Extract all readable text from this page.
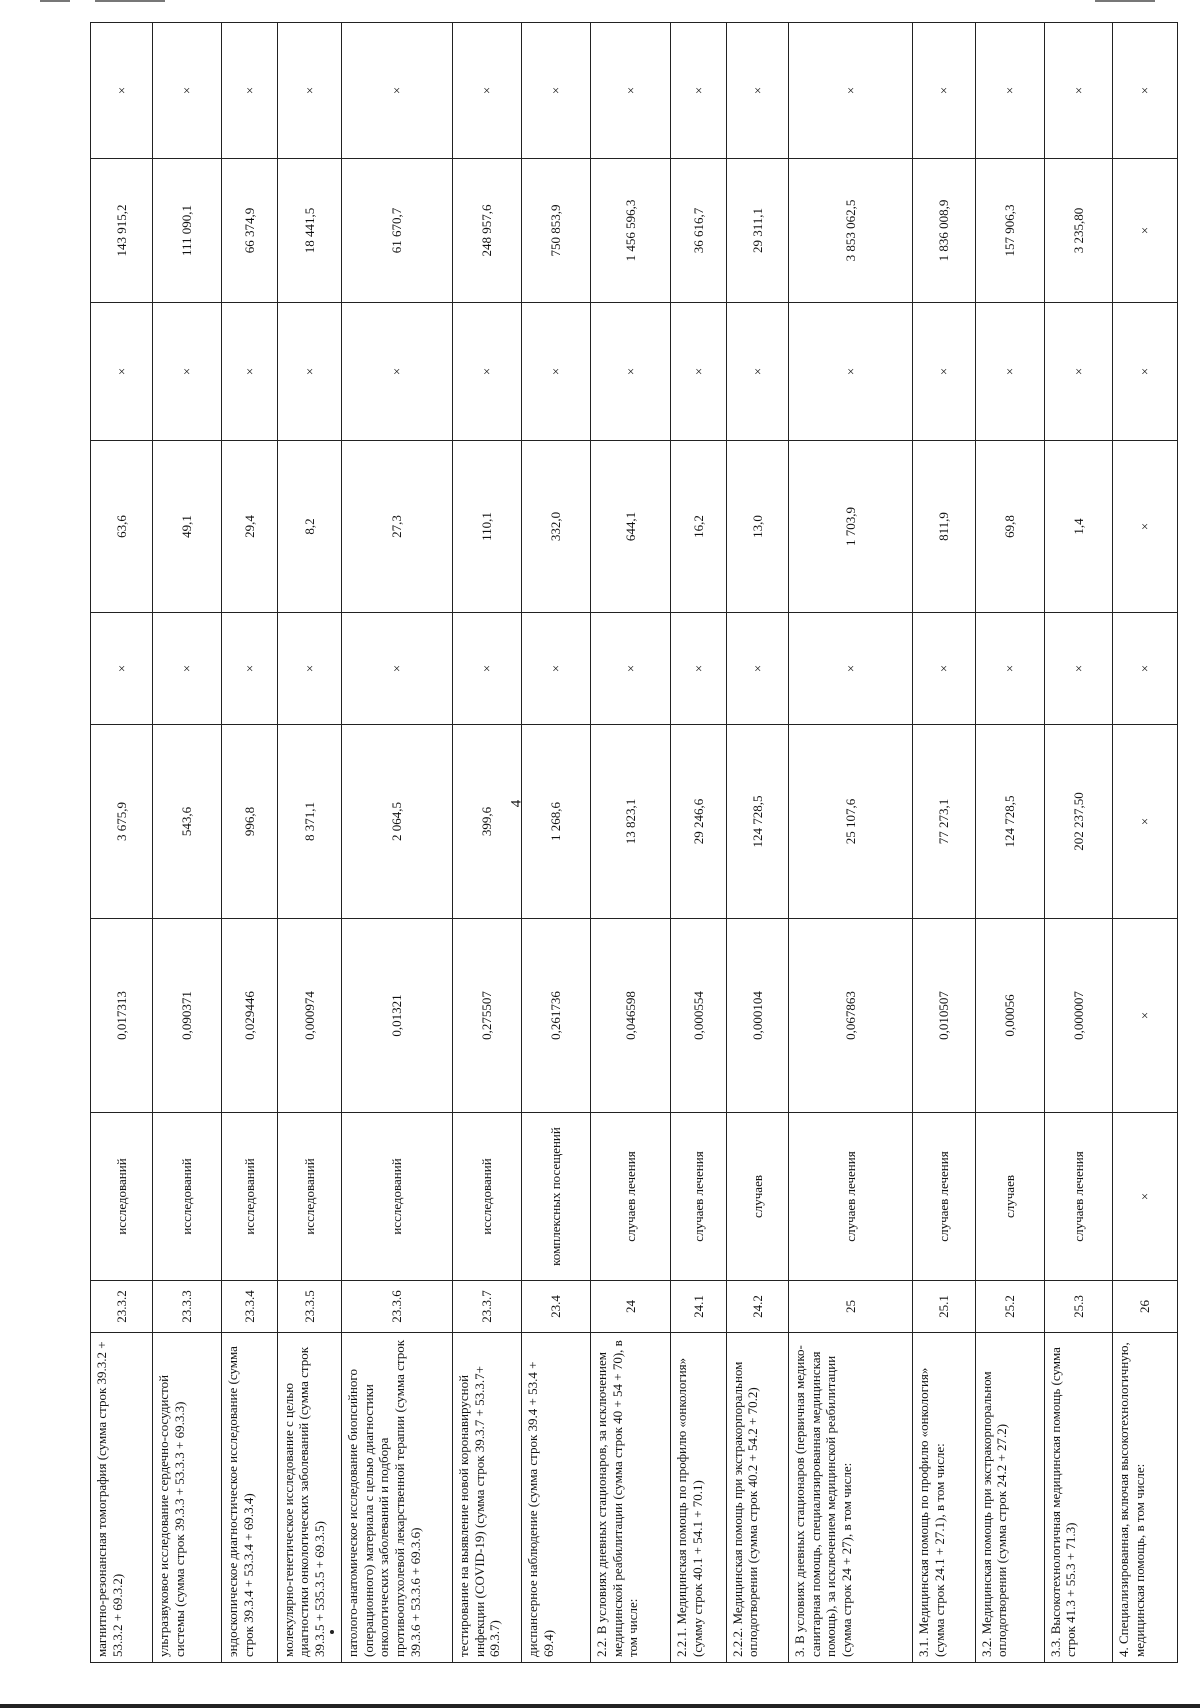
4
магнитно-резонансная томография (сумма строк 39.3.2 + 53.3.2 + 69.3.2)	23.3.2	исследований	0,017313	3 675,9	×	63,6	×	143 915,2	×
ультразвуковое исследование сердечно-сосудистой системы (сумма строк 39.3.3 + 53.3.3 + 69.3.3)	23.3.3	исследований	0,090371	543,6	×	49,1	×	111 090,1	×
эндоскопическое диагностическое исследование (сумма строк 39.3.4 + 53.3.4 + 69.3.4)	23.3.4	исследований	0,029446	996,8	×	29,4	×	66 374,9	×
молекулярно-генетическое исследование с целью диагностики онкологических заболеваний (сумма строк 39.3.5 + 535.3.5 + 69.3.5)	23.3.5	исследований	0,000974	8 371,1	×	8,2	×	18 441,5	×
патолого-анатомическое исследование биопсийного (операционного) материала с целью диагностики онкологических заболеваний и подбора противоопухолевой лекарственной терапии (сумма строк 39.3.6 + 53.3.6 + 69.3.6)	23.3.6	исследований	0,01321	2 064,5	×	27,3	×	61 670,7	×
тестирование на выявление новой коронавирусной инфекции (COVID-19) (сумма строк 39.3.7 + 53.3.7+ 69.3.7)	23.3.7	исследований	0,275507	399,6	×	110,1	×	248 957,6	×
диспансерное наблюдение (сумма строк 39.4 + 53.4 + 69.4)	23.4	комплексных посещений	0,261736	1 268,6	×	332,0	×	750 853,9	×
2.2. В условиях дневных стационаров, за исключением медицинской реабилитации (сумма строк 40 + 54 + 70), в том числе:	24	случаев лечения	0,046598	13 823,1	×	644,1	×	1 456 596,3	×
2.2.1. Медицинская помощь по профилю «онкология» (сумму строк 40.1 + 54.1 + 70.1)	24.1	случаев лечения	0,000554	29 246,6	×	16,2	×	36 616,7	×
2.2.2. Медицинская помощь при экстракорпоральном оплодотворении (сумма строк 40.2 + 54.2 + 70.2)	24.2	случаев	0,000104	124 728,5	×	13,0	×	29 311,1	×
3. В условиях дневных стационаров (первичная медико-санитарная помощь, специализированная медицинская помощь), за исключением медицинской реабилитации (сумма строк 24 + 27), в том числе:	25	случаев лечения	0,067863	25 107,6	×	1 703,9	×	3 853 062,5	×
3.1. Медицинская помощь по профилю «онкология» (сумма строк 24.1 + 27.1), в том числе:	25.1	случаев лечения	0,010507	77 273,1	×	811,9	×	1 836 008,9	×
3.2. Медицинская помощь при экстракорпоральном оплодотворении (сумма строк 24.2 + 27.2)	25.2	случаев	0,00056	124 728,5	×	69,8	×	157 906,3	×
3.3. Высокотехнологичная медицинская помощь (сумма строк 41.3 + 55.3 + 71.3)	25.3	случаев лечения	0,000007	202 237,50	×	1,4	×	3 235,80	×
4. Специализированная, включая высокотехнологичную, медицинская помощь, в том числе:	26	×	×	×	×	×	×	×	×
